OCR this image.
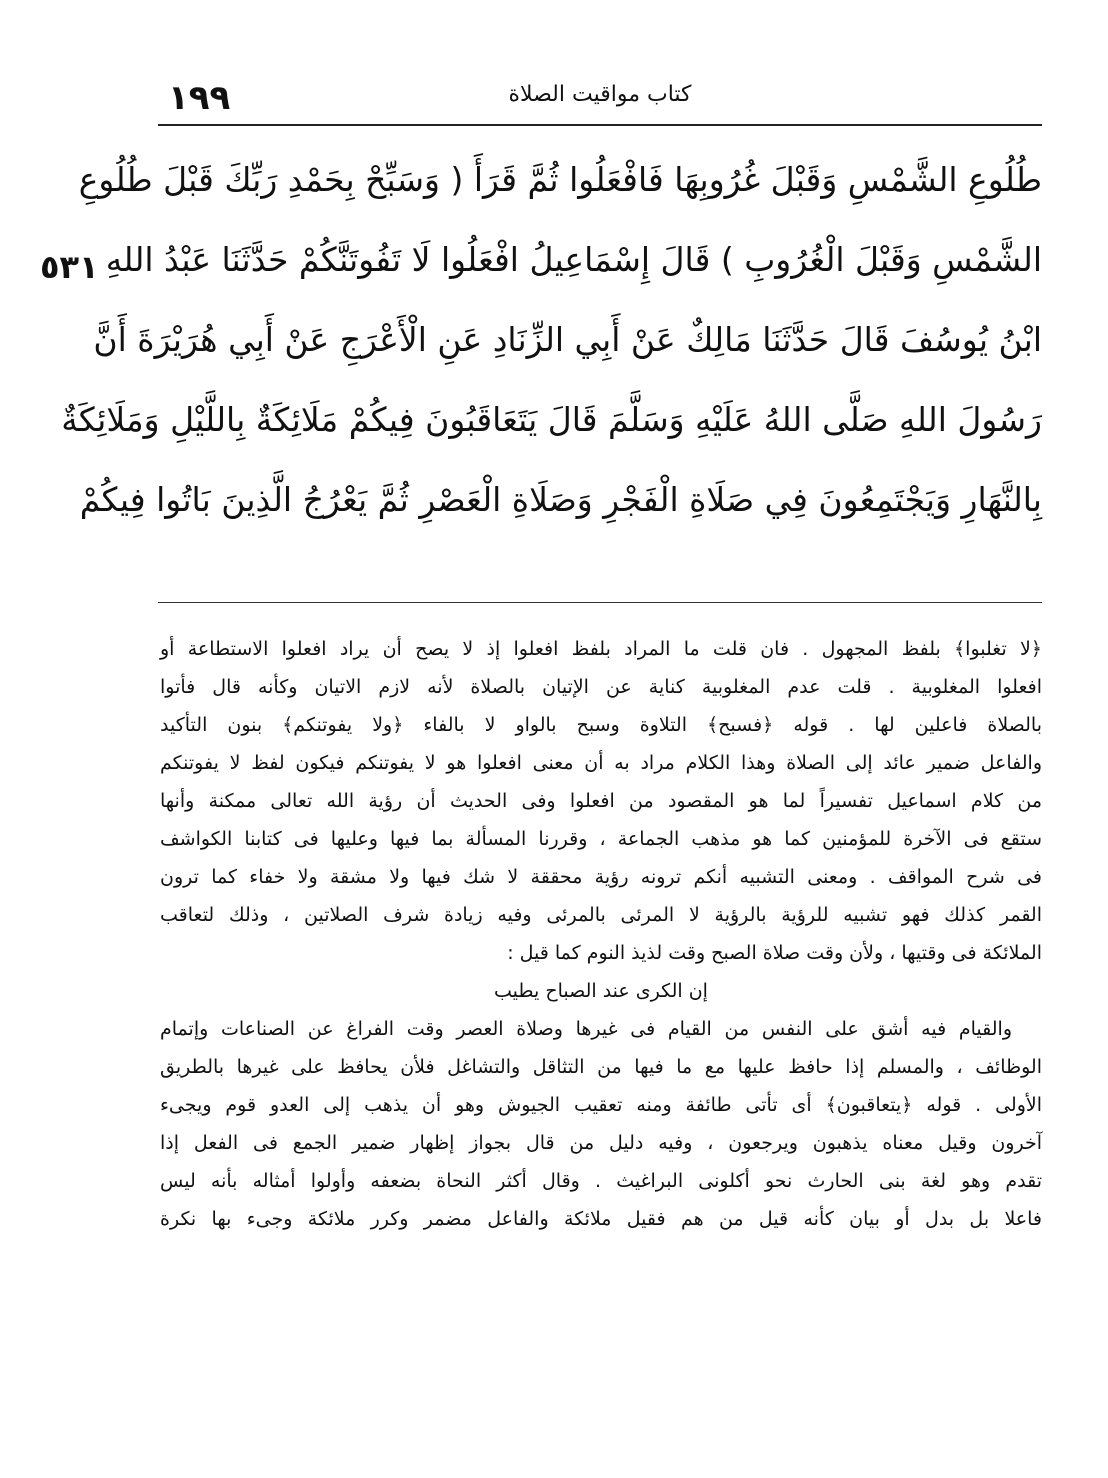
١٩٩	كتاب مواقيت الصلاة
٥٣١
طُلُوعِ الشَّمْسِ وَقَبْلَ غُرُوبِهَا فَافْعَلُوا ثُمَّ قَرَأَ ( وَسَبِّحْ بِحَمْدِ رَبِّكَ قَبْلَ طُلُوعِ
الشَّمْسِ وَقَبْلَ الْغُرُوبِ ) قَالَ إِسْمَاعِيلُ افْعَلُوا لَا تَفُوتَنَّكُمْ حَدَّثَنَا عَبْدُ اللهِ
ابْنُ يُوسُفَ قَالَ حَدَّثَنَا مَالِكٌ عَنْ أَبِي الزِّنَادِ عَنِ الْأَعْرَجِ عَنْ أَبِي هُرَيْرَةَ أَنَّ
رَسُولَ اللهِ صَلَّى اللهُ عَلَيْهِ وَسَلَّمَ قَالَ يَتَعَاقَبُونَ فِيكُمْ مَلَائِكَةٌ بِاللَّيْلِ وَمَلَائِكَةٌ
بِالنَّهَارِ وَيَجْتَمِعُونَ فِي صَلَاةِ الْفَجْرِ وَصَلَاةِ الْعَصْرِ ثُمَّ يَعْرُجُ الَّذِينَ بَاتُوا فِيكُمْ
﴿لا تغلبوا﴾ بلفظ المجهول . فان قلت ما المراد بلفظ افعلوا إذ لا يصح أن يراد افعلوا الاستطاعة أو
افعلوا المغلوبية . قلت عدم المغلوبية كناية عن الإتيان بالصلاة لأنه لازم الاتيان وكأنه قال فأتوا
بالصلاة فاعلين لها . قوله ﴿فسبح﴾ التلاوة وسبح بالواو لا بالفاء ﴿ولا يفوتنكم﴾ بنون التأكيد
والفاعل ضمير عائد إلى الصلاة وهذا الكلام مراد به أن معنى افعلوا هو لا يفوتنكم فيكون لفظ لا يفوتنكم
من كلام اسماعيل تفسيراً لما هو المقصود من افعلوا وفى الحديث أن رؤية الله تعالى ممكنة وأنها
ستقع فى الآخرة للمؤمنين كما هو مذهب الجماعة ، وقررنا المسألة بما فيها وعليها فى كتابنا الكواشف
فى شرح المواقف . ومعنى التشبيه أنكم ترونه رؤية محققة لا شك فيها ولا مشقة ولا خفاء كما ترون
القمر كذلك فهو تشبيه للرؤية بالرؤية لا المرئى بالمرئى وفيه زيادة شرف الصلاتين ، وذلك لتعاقب
الملائكة فى وقتيها ، ولأن وقت صلاة الصبح وقت لذيذ النوم كما قيل :
إن الكرى عند الصباح يطيب
والقيام فيه أشق على النفس من القيام فى غيرها وصلاة العصر وقت الفراغ عن الصناعات وإتمام
الوظائف ، والمسلم إذا حافظ عليها مع ما فيها من التثاقل والتشاغل فلأن يحافظ على غيرها بالطريق
الأولى . قوله ﴿يتعاقبون﴾ أى تأتى طائفة ومنه تعقيب الجيوش وهو أن يذهب إلى العدو قوم ويجىء
آخرون وقيل معناه يذهبون ويرجعون ، وفيه دليل من قال بجواز إظهار ضمير الجمع فى الفعل إذا
تقدم وهو لغة بنى الحارث نحو أكلونى البراغيث . وقال أكثر النحاة بضعفه وأولوا أمثاله بأنه ليس
فاعلا بل بدل أو بيان كأنه قيل من هم فقيل ملائكة والفاعل مضمر وكرر ملائكة وجىء بها نكرة
